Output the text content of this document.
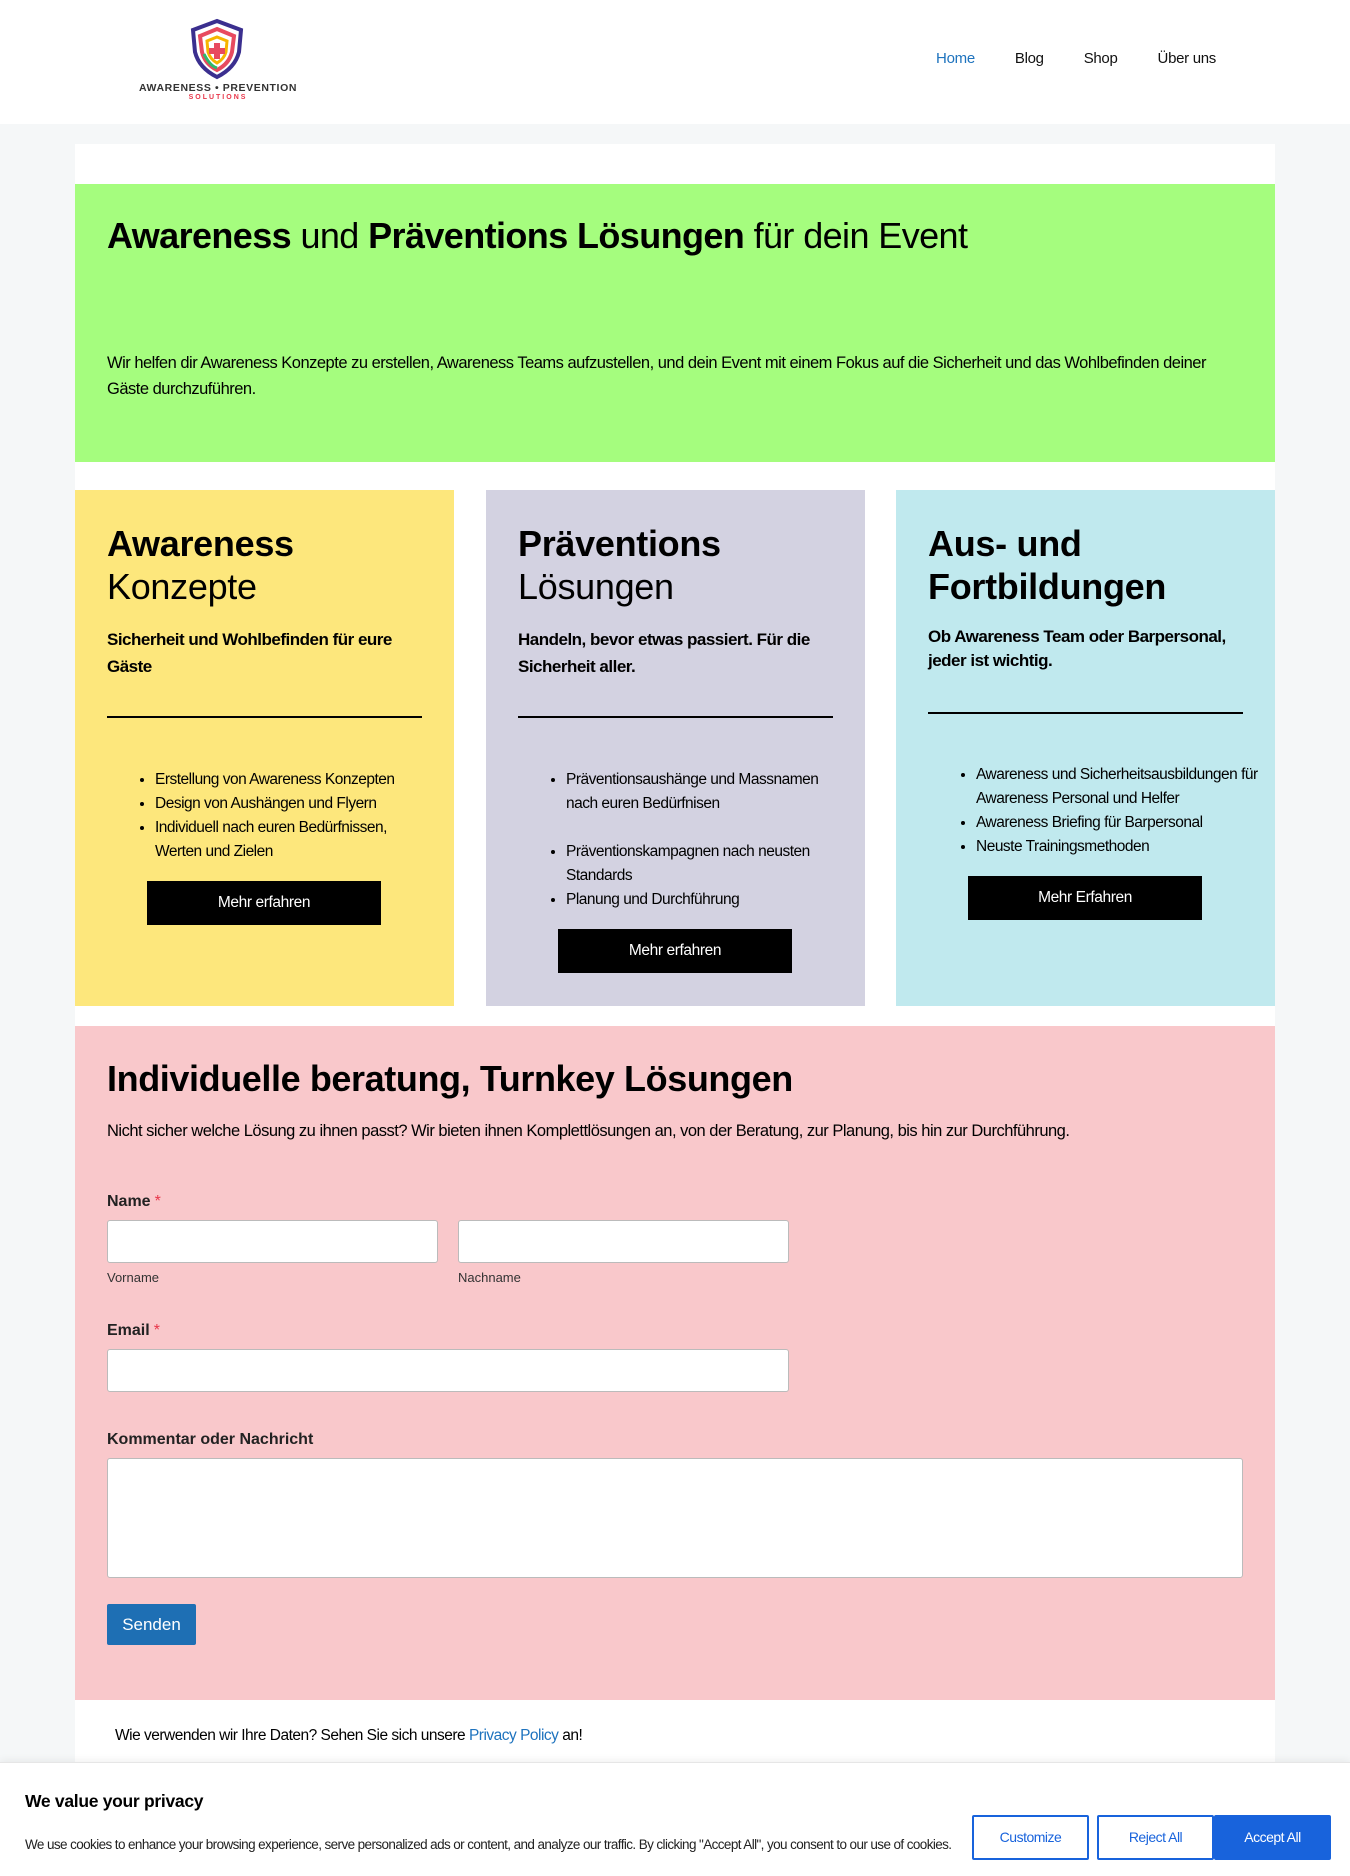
AWARENESS • PREVENTION
SOLUTIONS
Home	Blog	Shop	Über uns
Awareness und Präventions Lösungen für dein Event

Wir helfen dir Awareness Konzepte zu erstellen, Awareness Teams aufzustellen, und dein Event mit einem Fokus auf die Sicherheit und das Wohlbefinden deiner Gäste durchzuführen.

Awareness
Konzepte
Sicherheit und Wohlbefinden für eure Gäste
• Erstellung von Awareness Konzepten
• Design von Aushängen und Flyern
• Individuell nach euren Bedürfnissen, Werten und Zielen
Mehr erfahren
Präventions
Lösungen
Handeln, bevor etwas passiert. Für die Sicherheit aller.
• Präventionsaushänge und Massnamen nach euren Bedürfnisen
• Präventionskampagnen nach neusten Standards
• Planung und Durchführung
Mehr erfahren
Aus- und Fortbildungen
Ob Awareness Team oder Barpersonal, jeder ist wichtig.
• Awareness und Sicherheitsausbildungen für Awareness Personal und Helfer
• Awareness Briefing für Barpersonal
• Neuste Trainingsmethoden
Mehr Erfahren
Individuelle beratung, Turnkey Lösungen

Nicht sicher welche Lösung zu ihnen passt? Wir bieten ihnen Komplettlösungen an, von der Beratung, zur Planung, bis hin zur Durchführung.

Name *
Vorname	Nachname
Email *
Kommentar oder Nachricht
Senden

Wie verwenden wir Ihre Daten? Sehen Sie sich unsere Privacy Policy an!

We value your privacy

We use cookies to enhance your browsing experience, serve personalized ads or content, and analyze our traffic. By clicking "Accept All", you consent to our use of cookies.	Customize	Reject All	Accept All
